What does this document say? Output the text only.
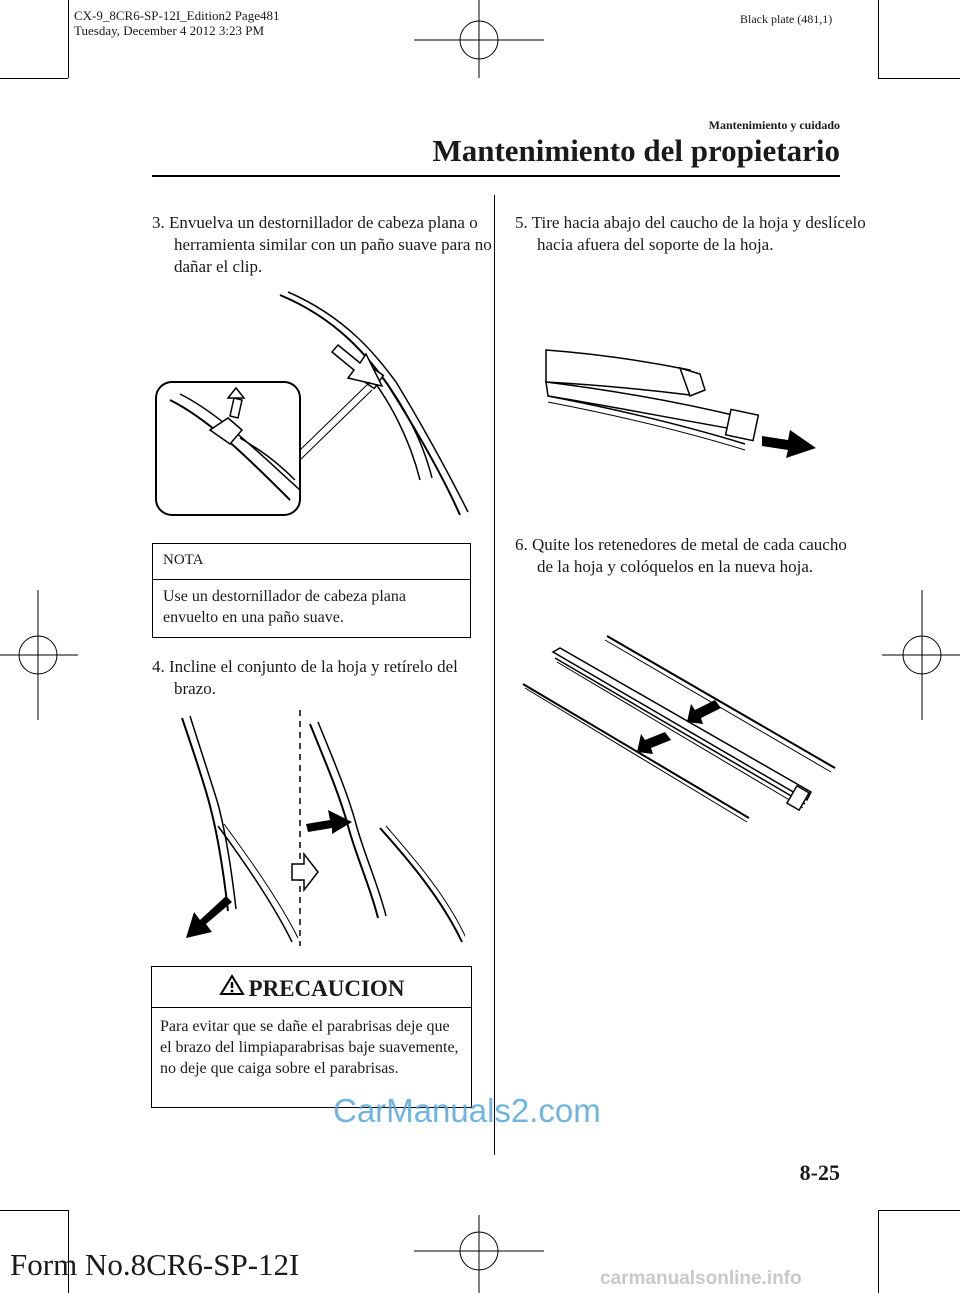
CX-9_8CR6-SP-12I_Edition2 Page481
Tuesday, December 4 2012 3:23 PM
Black plate (481,1)
Mantenimiento y cuidado
Mantenimiento del propietario
3. Envuelva un destornillador de cabeza plana o herramienta similar con un paño suave para no dañar el clip.
NOTA
Use un destornillador de cabeza plana envuelto en una paño suave.
4. Incline el conjunto de la hoja y retírelo del brazo.
PRECAUCION
Para evitar que se dañe el parabrisas deje que el brazo del limpiaparabrisas baje suavemente, no deje que caiga sobre el parabrisas.
5. Tire hacia abajo del caucho de la hoja y deslícelo hacia afuera del soporte de la hoja.
6. Quite los retenedores de metal de cada caucho de la hoja y colóquelos en la nueva hoja.
CarManuals2.com
8-25
Form No.8CR6-SP-12I	carmanualsonline.info
